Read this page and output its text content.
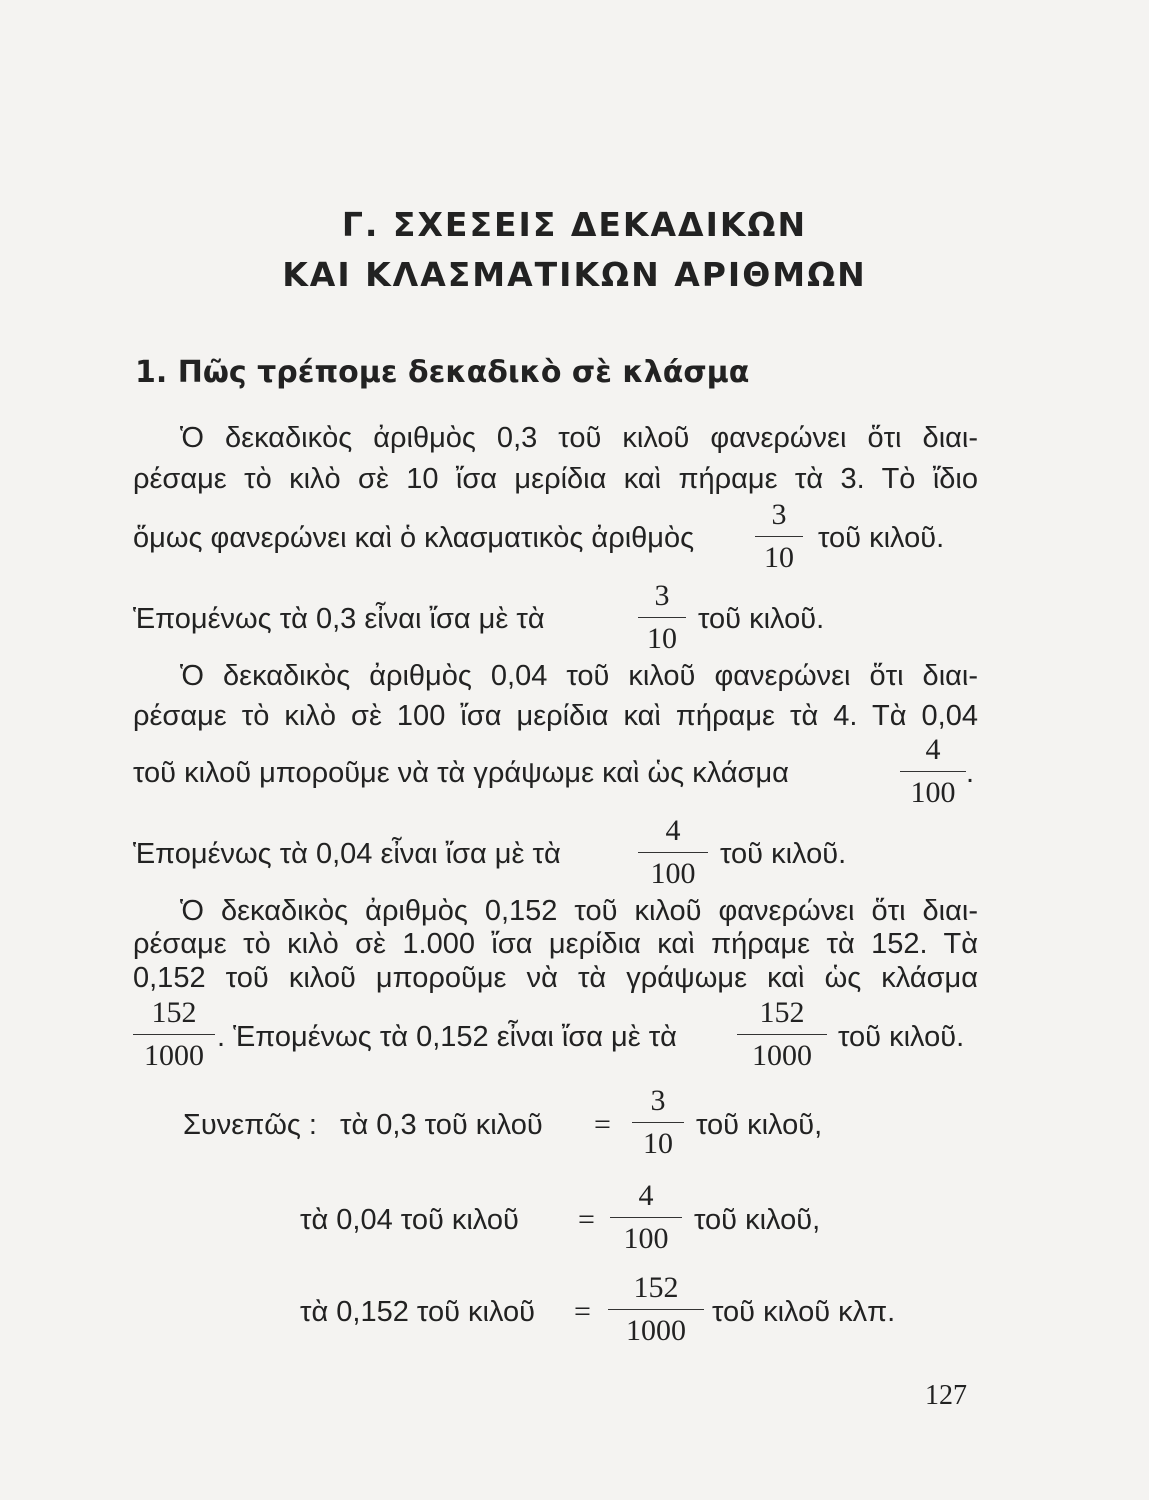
Γ. ΣΧΕΣΕΙΣ ΔΕΚΑΔΙΚΩΝ
ΚΑΙ ΚΛΑΣΜΑΤΙΚΩΝ ΑΡΙΘΜΩΝ
1. Πῶς τρέπομε δεκαδικὸ σὲ κλάσμα
Ὁ δεκαδικὸς ἀριθμὸς 0,3 τοῦ κιλοῦ φανερώνει ὅτι διαι-
ρέσαμε τὸ κιλὸ σὲ 10 ἴσα μερίδια καὶ πήραμε τὰ 3. Τὸ ἴδιο
ὅμως φανερώνει καὶ ὁ κλασματικὸς ἀριθμὸς
3
10
τοῦ κιλοῦ.
Ἑπομένως τὰ 0,3 εἶναι ἴσα μὲ τὰ
3
10
τοῦ κιλοῦ.
Ὁ δεκαδικὸς ἀριθμὸς 0,04 τοῦ κιλοῦ φανερώνει ὅτι διαι-
ρέσαμε τὸ κιλὸ σὲ 100 ἴσα μερίδια καὶ πήραμε τὰ 4. Τὰ 0,04
τοῦ κιλοῦ μποροῦμε νὰ τὰ γράψωμε καὶ ὡς κλάσμα
4
100
.
Ἑπομένως τὰ 0,04 εἶναι ἴσα μὲ τὰ
4
100
τοῦ κιλοῦ.
Ὁ δεκαδικὸς ἀριθμὸς 0,152 τοῦ κιλοῦ φανερώνει ὅτι διαι-
ρέσαμε τὸ κιλὸ σὲ 1.000 ἴσα μερίδια καὶ πήραμε τὰ 152. Τὰ
0,152 τοῦ κιλοῦ μποροῦμε νὰ τὰ γράψωμε καὶ ὡς κλάσμα
152
1000
. Ἑπομένως τὰ 0,152 εἶναι ἴσα μὲ τὰ
152
1000
τοῦ κιλοῦ.
Συνεπῶς : τὰ 0,3 τοῦ κιλοῦ =
3
10
τοῦ κιλοῦ,
τὰ 0,04 τοῦ κιλοῦ =
4
100
τοῦ κιλοῦ,
τὰ 0,152 τοῦ κιλοῦ =
152
1000
τοῦ κιλοῦ κλπ.
127
